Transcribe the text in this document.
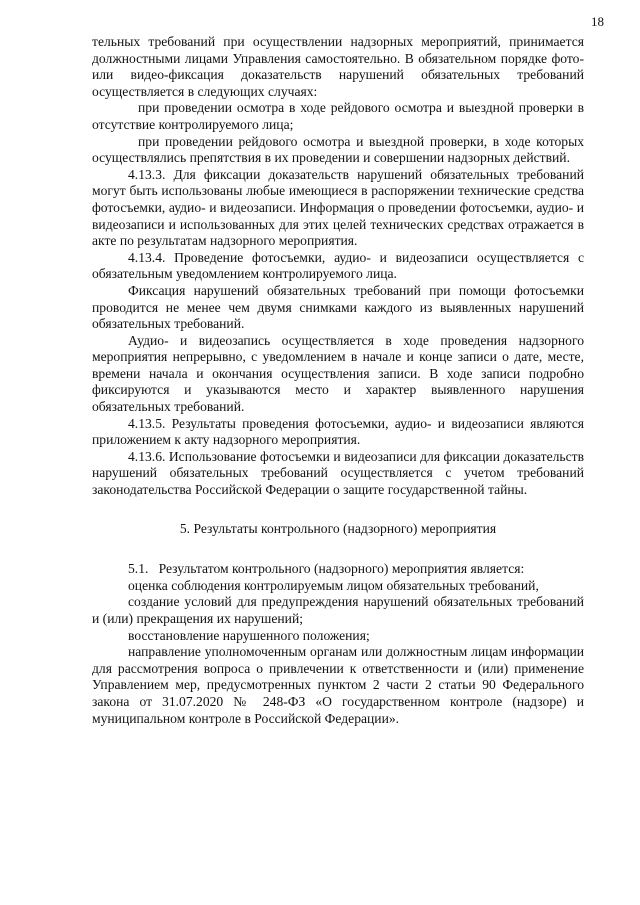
18

тельных требований при осуществлении надзорных мероприятий, принимается должностными лицами Управления самостоятельно. В обязательном порядке фото- или видео-фиксация доказательств нарушений обязательных требований осуществляется в следующих случаях:

при проведении осмотра в ходе рейдового осмотра и выездной проверки в отсутствие контролируемого лица;

при проведении рейдового осмотра и выездной проверки, в ходе которых осуществлялись препятствия в их проведении и совершении надзорных действий.

4.13.3. Для фиксации доказательств нарушений обязательных требований могут быть использованы любые имеющиеся в распоряжении технические средства фотосъемки, аудио- и видеозаписи. Информация о проведении фотосъемки, аудио- и видеозаписи и использованных для этих целей технических средствах отражается в акте по результатам надзорного мероприятия.

4.13.4. Проведение фотосъемки, аудио- и видеозаписи осуществляется с обязательным уведомлением контролируемого лица.

Фиксация нарушений обязательных требований при помощи фотосъемки проводится не менее чем двумя снимками каждого из выявленных нарушений обязательных требований.

Аудио- и видеозапись осуществляется в ходе проведения надзорного мероприятия непрерывно, с уведомлением в начале и конце записи о дате, месте, времени начала и окончания осуществления записи. В ходе записи подробно фиксируются и указываются место и характер выявленного нарушения обязательных требований.

4.13.5. Результаты проведения фотосъемки, аудио- и видеозаписи являются приложением к акту надзорного мероприятия.

4.13.6. Использование фотосъемки и видеозаписи для фиксации доказательств нарушений обязательных требований осуществляется с учетом требований законодательства Российской Федерации о защите государственной тайны.

5. Результаты контрольного (надзорного) мероприятия

5.1.   Результатом контрольного (надзорного) мероприятия является:

оценка соблюдения контролируемым лицом обязательных требований,

создание условий для предупреждения нарушений обязательных требований и (или) прекращения их нарушений;

восстановление нарушенного положения;

направление уполномоченным органам или должностным лицам информации для рассмотрения вопроса о привлечении к ответственности и (или) применение Управлением мер, предусмотренных пунктом 2 части 2 статьи 90 Федерального закона от 31.07.2020 № 248-ФЗ «О государственном контроле (надзоре) и муниципальном контроле в Российской Федерации».
